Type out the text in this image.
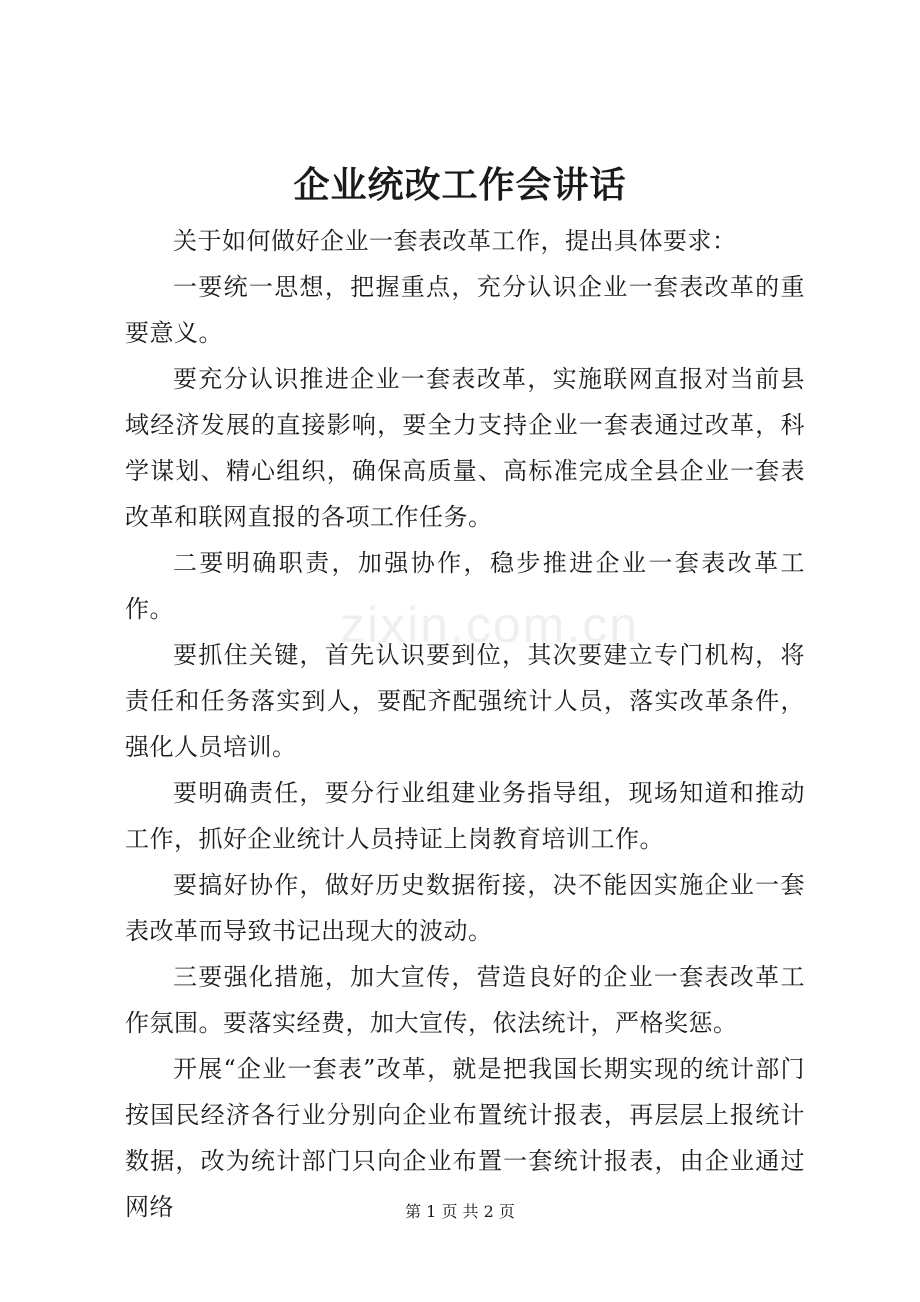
企业统改工作会讲话

关于如何做好企业一套表改革工作，提出具体要求：

一要统一思想，把握重点，充分认识企业一套表改革的重要意义。

要充分认识推进企业一套表改革，实施联网直报对当前县域经济发展的直接影响，要全力支持企业一套表通过改革，科学谋划、精心组织，确保高质量、高标准完成全县企业一套表改革和联网直报的各项工作任务。

二要明确职责，加强协作，稳步推进企业一套表改革工作。

要抓住关键，首先认识要到位，其次要建立专门机构，将责任和任务落实到人，要配齐配强统计人员，落实改革条件，强化人员培训。

要明确责任，要分行业组建业务指导组，现场知道和推动工作，抓好企业统计人员持证上岗教育培训工作。

要搞好协作，做好历史数据衔接，决不能因实施企业一套表改革而导致书记出现大的波动。

三要强化措施，加大宣传，营造良好的企业一套表改革工作氛围。要落实经费，加大宣传，依法统计，严格奖惩。

开展“企业一套表”改革，就是把我国长期实现的统计部门按国民经济各行业分别向企业布置统计报表，再层层上报统计数据，改为统计部门只向企业布置一套统计报表，由企业通过网络

zixin.com.cn
第 1 页 共 2 页
